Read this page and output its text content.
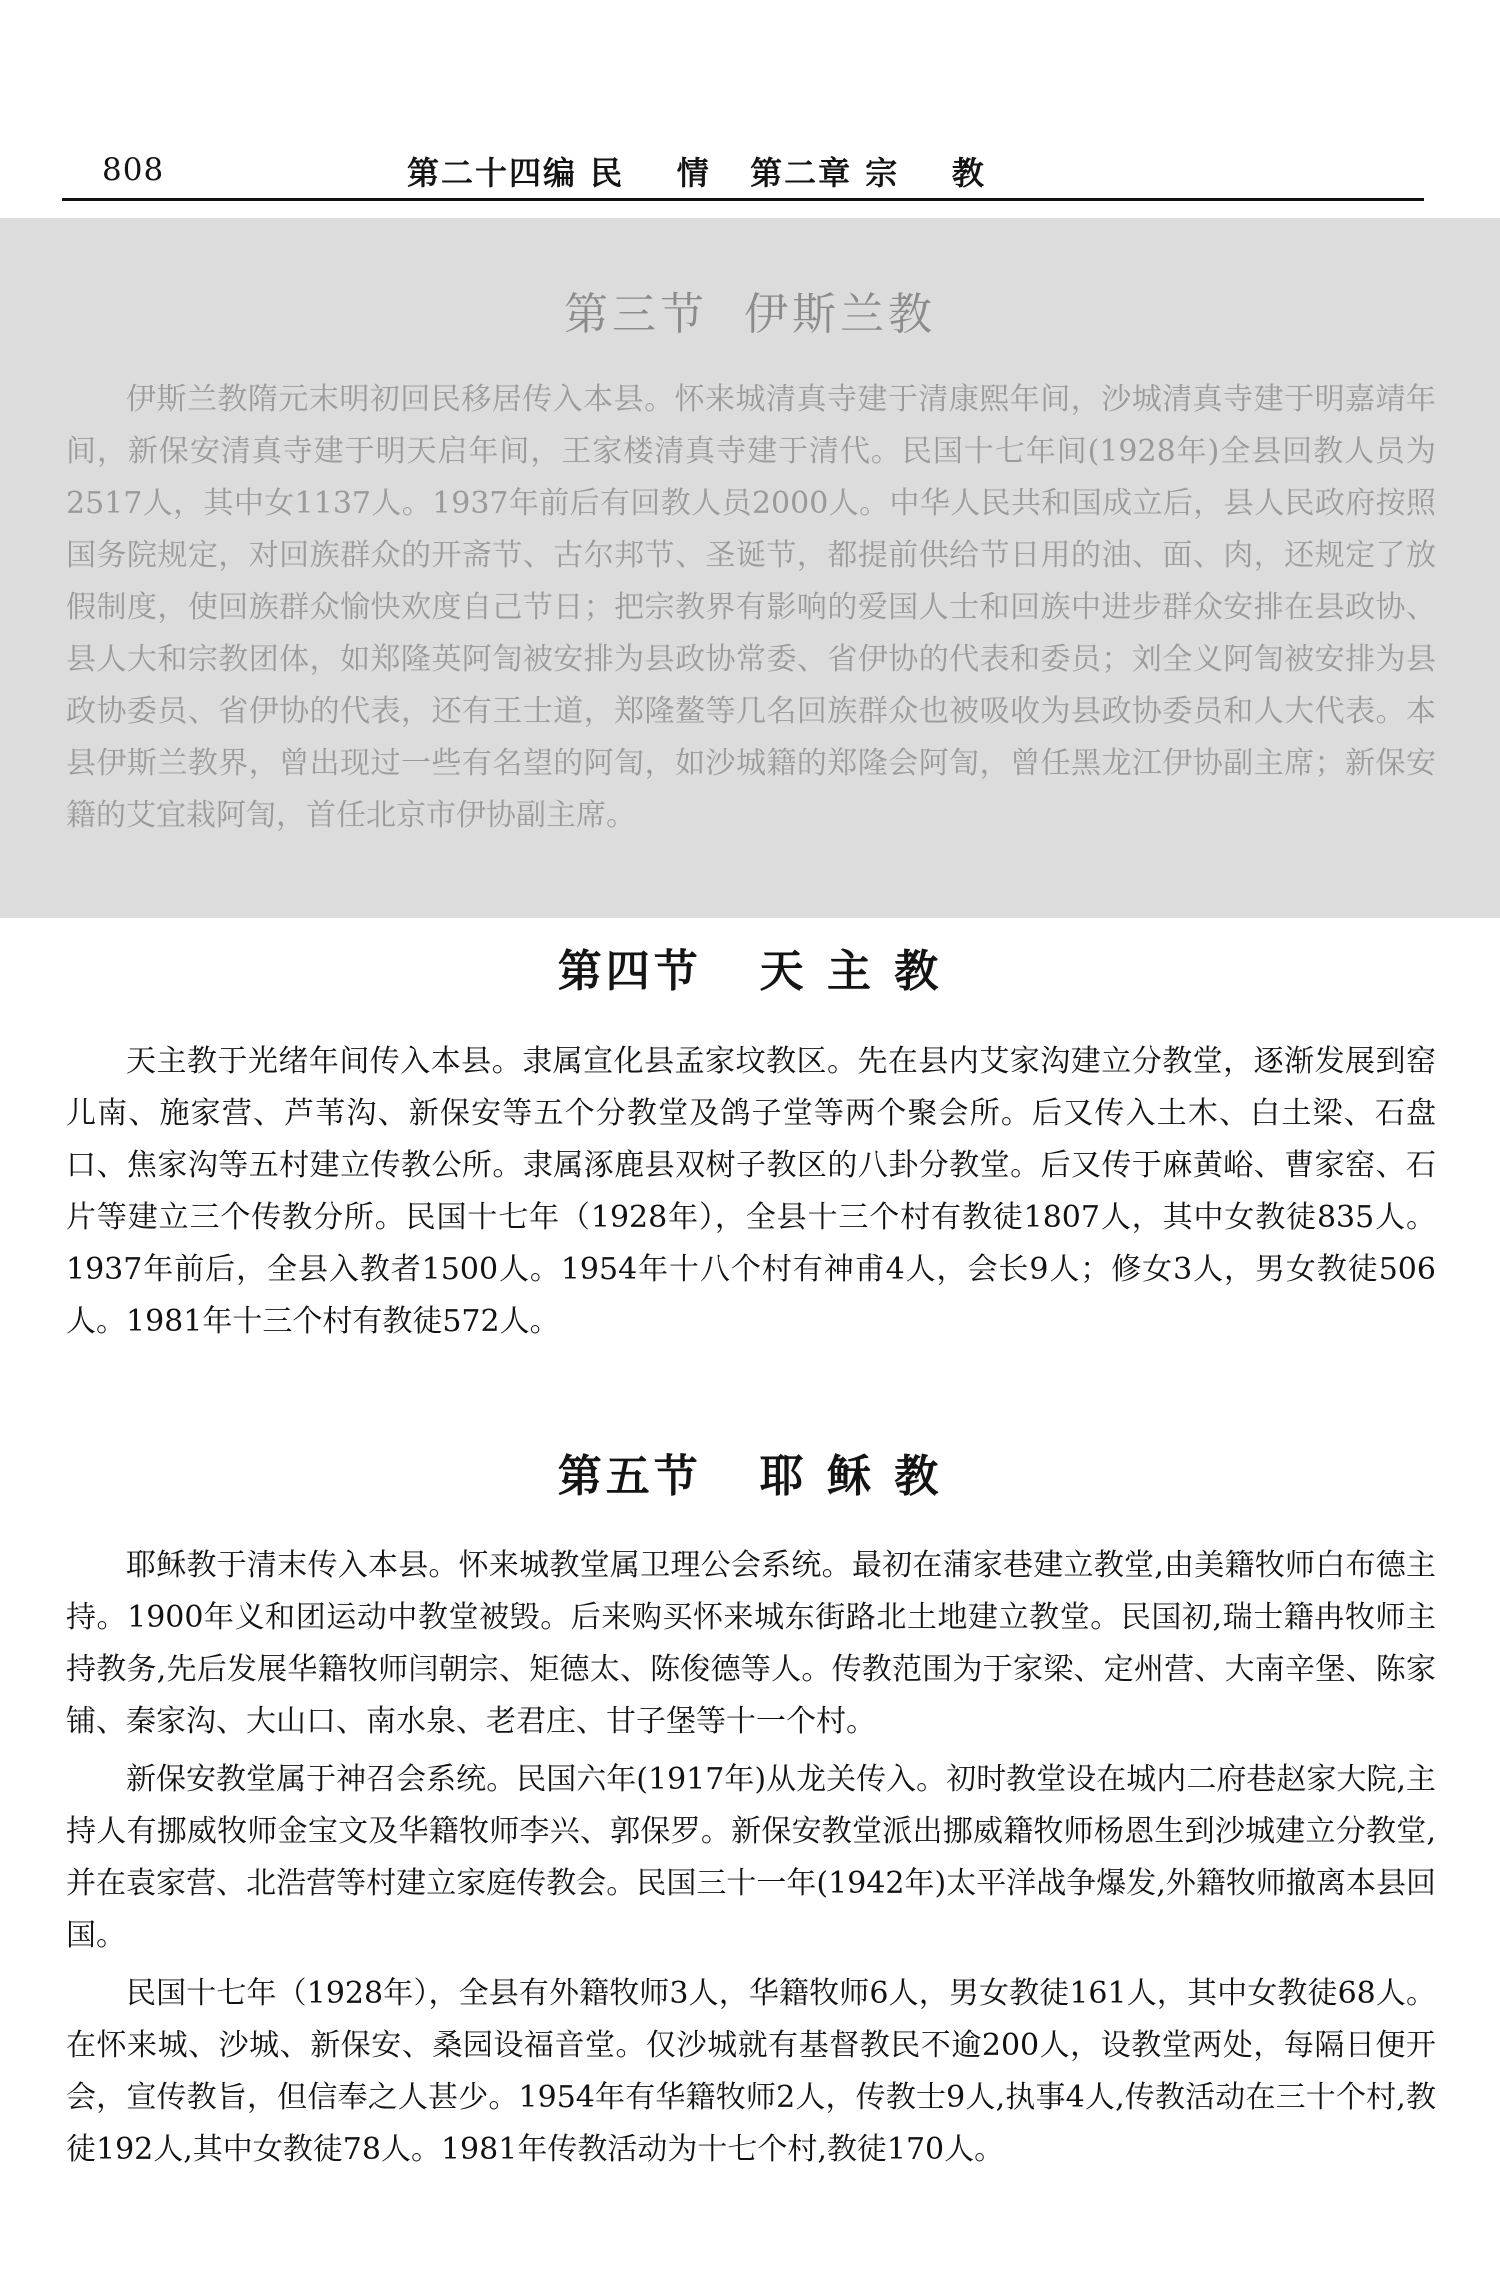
808	第二十四编 民    情   第二章 宗    教
第三节  伊斯兰教

伊斯兰教隋元末明初回民移居传入本县。怀来城清真寺建于清康熙年间，沙城清真寺建于明嘉靖年间，新保安清真寺建于明天启年间，王家楼清真寺建于清代。民国十七年间(1928年)全县回教人员为2517人，其中女1137人。1937年前后有回教人员2000人。中华人民共和国成立后，县人民政府按照国务院规定，对回族群众的开斋节、古尔邦节、圣诞节，都提前供给节日用的油、面、肉，还规定了放假制度，使回族群众愉快欢度自己节日；把宗教界有影响的爱国人士和回族中进步群众安排在县政协、县人大和宗教团体，如郑隆英阿訇被安排为县政协常委、省伊协的代表和委员；刘全义阿訇被安排为县政协委员、省伊协的代表，还有王士道，郑隆鳌等几名回族群众也被吸收为县政协委员和人大代表。本县伊斯兰教界，曾出现过一些有名望的阿訇，如沙城籍的郑隆会阿訇，曾任黑龙江伊协副主席；新保安籍的艾宜栽阿訇，首任北京市伊协副主席。

第四节   天 主 教

天主教于光绪年间传入本县。隶属宣化县孟家坟教区。先在县内艾家沟建立分教堂，逐渐发展到窑儿南、施家营、芦苇沟、新保安等五个分教堂及鸽子堂等两个聚会所。后又传入土木、白土梁、石盘口、焦家沟等五村建立传教公所。隶属涿鹿县双树子教区的八卦分教堂。后又传于麻黄峪、曹家窑、石片等建立三个传教分所。民国十七年（1928年），全县十三个村有教徒1807人，其中女教徒835人。1937年前后，全县入教者1500人。1954年十八个村有神甫4人，会长9人；修女3人，男女教徒506人。1981年十三个村有教徒572人。

第五节   耶 稣 教

耶稣教于清末传入本县。怀来城教堂属卫理公会系统。最初在蒲家巷建立教堂,由美籍牧师白布德主持。1900年义和团运动中教堂被毁。后来购买怀来城东街路北土地建立教堂。民国初,瑞士籍冉牧师主持教务,先后发展华籍牧师闫朝宗、矩德太、陈俊德等人。传教范围为于家梁、定州营、大南辛堡、陈家铺、秦家沟、大山口、南水泉、老君庄、甘子堡等十一个村。

新保安教堂属于神召会系统。民国六年(1917年)从龙关传入。初时教堂设在城内二府巷赵家大院,主持人有挪威牧师金宝文及华籍牧师李兴、郭保罗。新保安教堂派出挪威籍牧师杨恩生到沙城建立分教堂,并在袁家营、北浩营等村建立家庭传教会。民国三十一年(1942年)太平洋战争爆发,外籍牧师撤离本县回国。

民国十七年（1928年），全县有外籍牧师3人，华籍牧师6人，男女教徒161人，其中女教徒68人。在怀来城、沙城、新保安、桑园设福音堂。仅沙城就有基督教民不逾200人，设教堂两处，每隔日便开会，宣传教旨，但信奉之人甚少。1954年有华籍牧师2人，传教士9人,执事4人,传教活动在三十个村,教徒192人,其中女教徒78人。1981年传教活动为十七个村,教徒170人。
